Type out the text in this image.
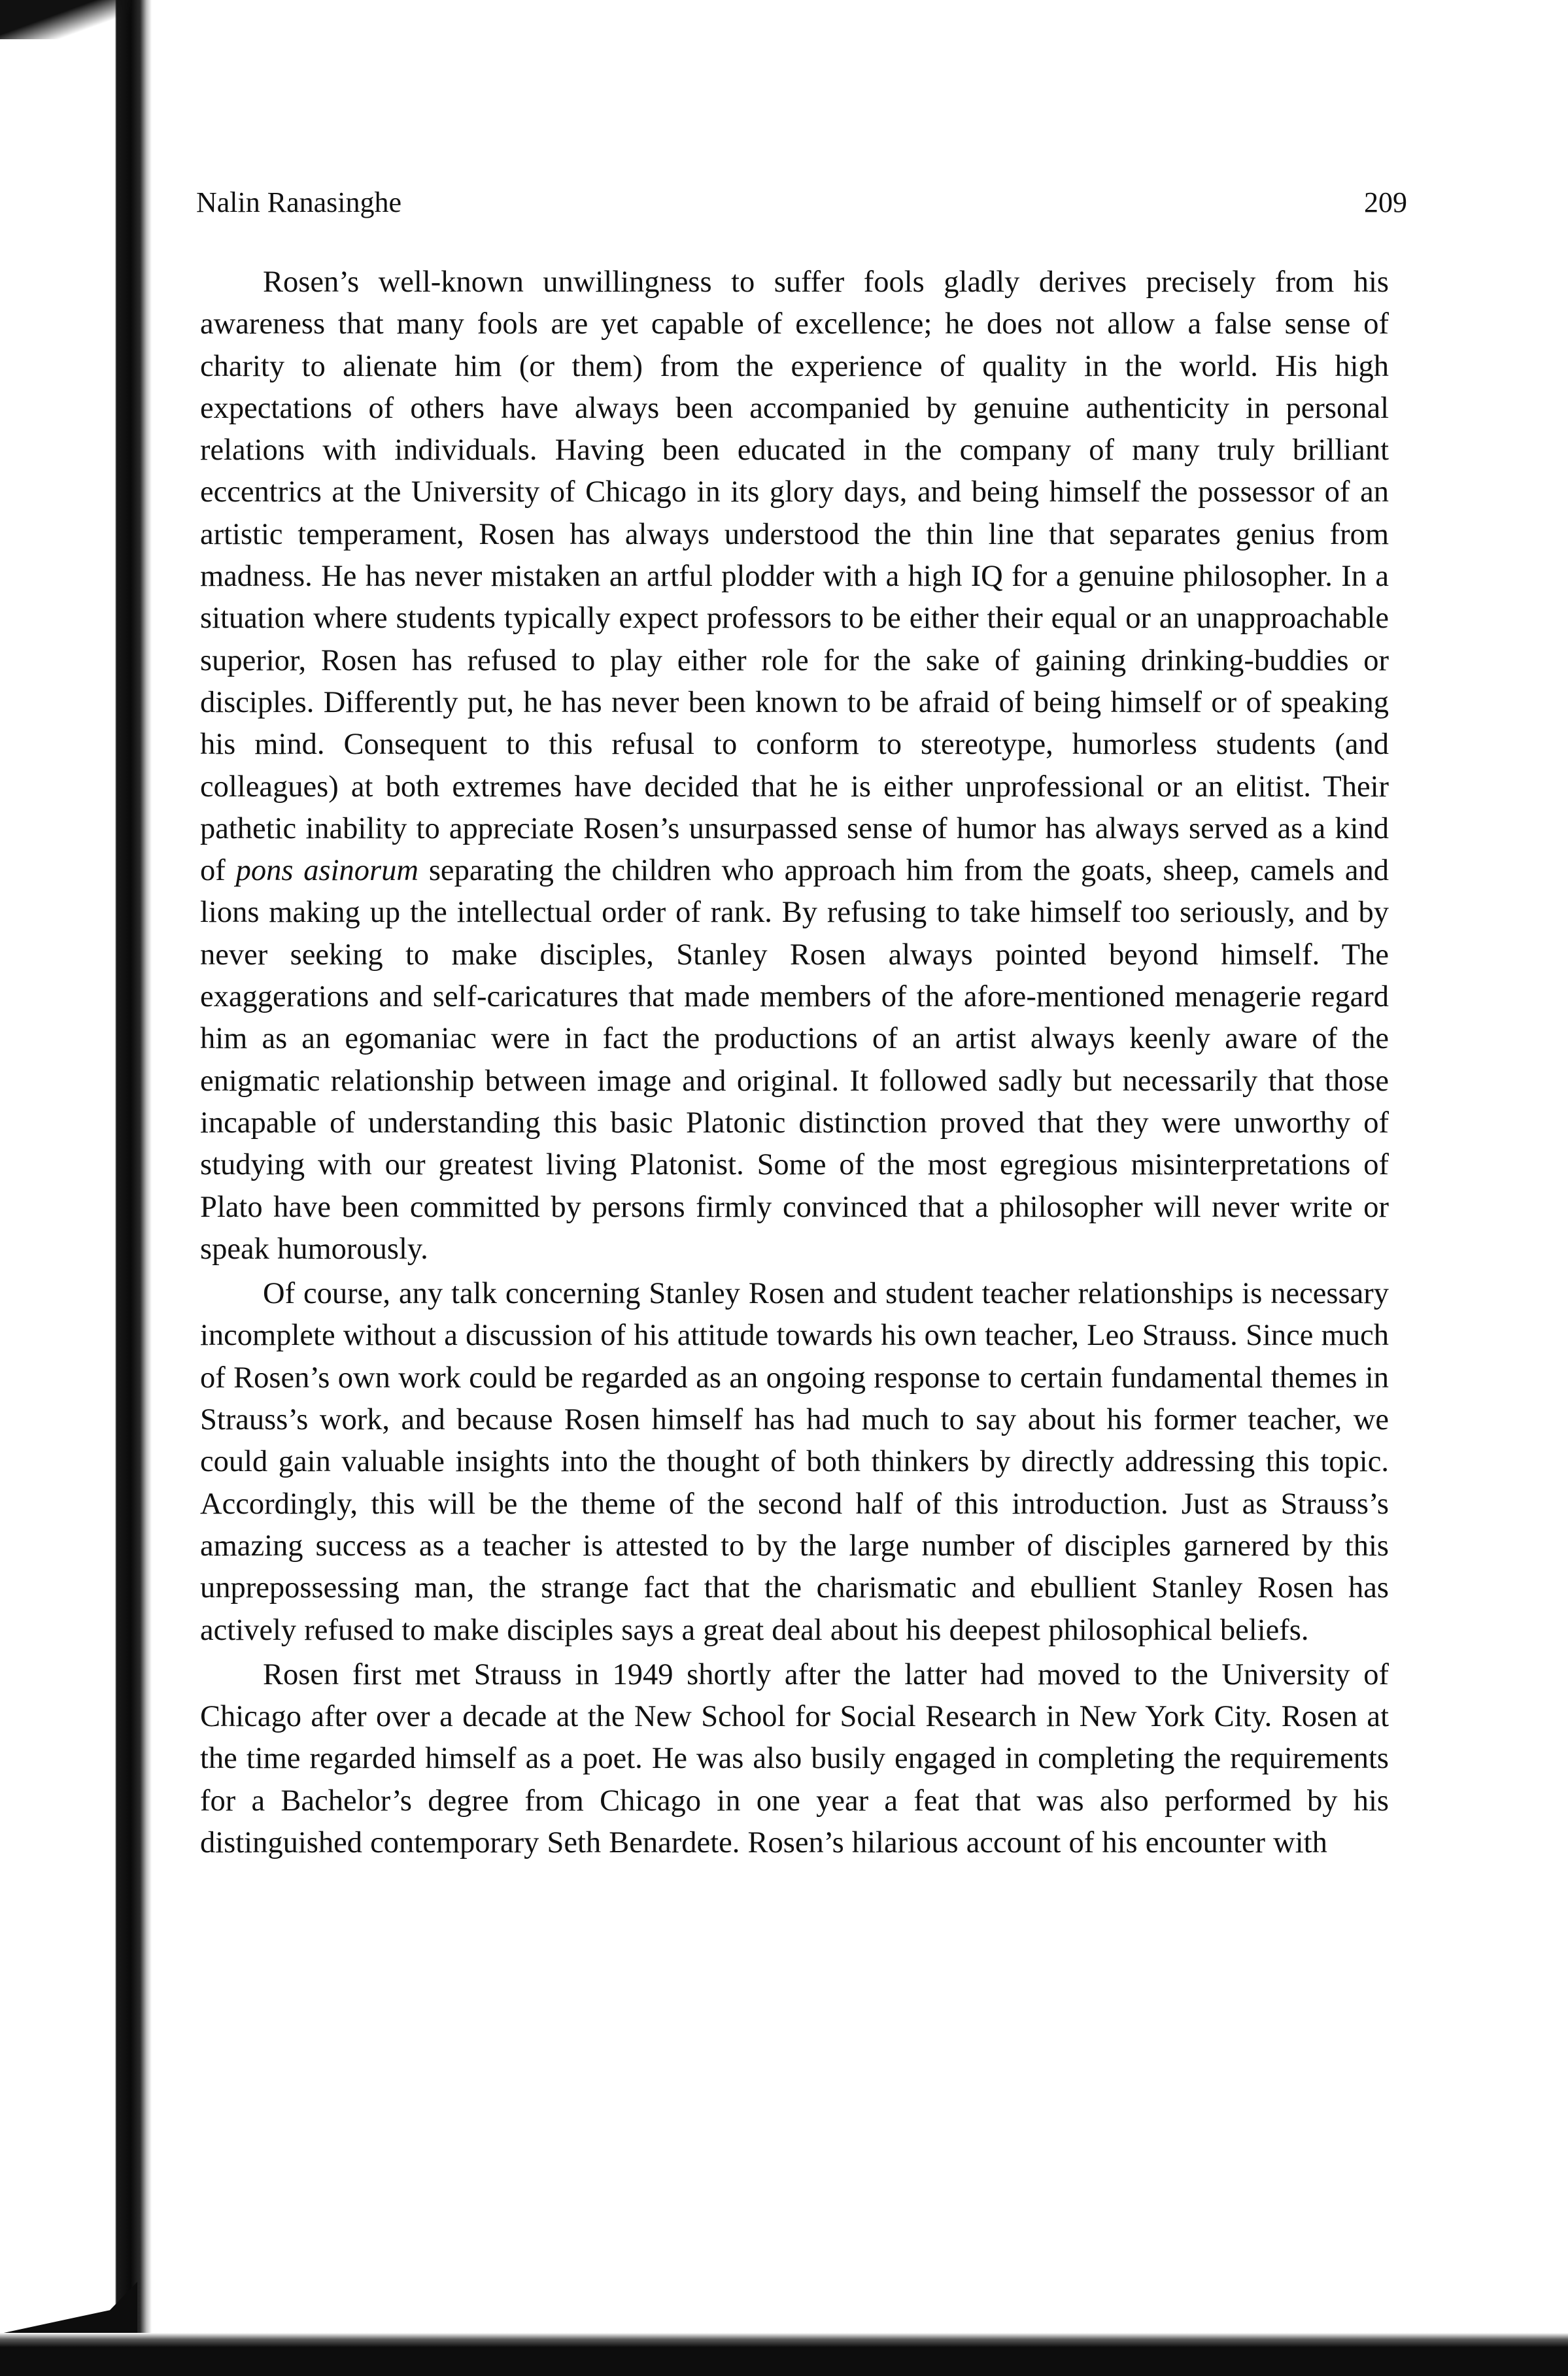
Nalin Ranasinghe	209

Rosen’s well-known unwillingness to suffer fools gladly derives precisely from his awareness that many fools are yet capable of excellence; he does not allow a false sense of charity to alienate him (or them) from the experience of quality in the world. His high expectations of others have always been accompanied by genuine authenticity in personal relations with individuals. Having been educated in the company of many truly brilliant eccentrics at the University of Chicago in its glory days, and being himself the possessor of an artistic temperament, Rosen has always understood the thin line that separates genius from madness. He has never mistaken an artful plodder with a high IQ for a genuine philosopher. In a situation where students typically expect professors to be either their equal or an unapproachable superior, Rosen has refused to play either role for the sake of gaining drinking-buddies or disciples. Differently put, he has never been known to be afraid of being himself or of speaking his mind. Consequent to this refusal to conform to stereotype, humorless students (and colleagues) at both extremes have decided that he is either unprofessional or an elitist. Their pathetic inability to appreciate Rosen’s unsurpassed sense of humor has always served as a kind of pons asinorum separating the children who approach him from the goats, sheep, camels and lions making up the intellectual order of rank. By refusing to take himself too seriously, and by never seeking to make disciples, Stanley Rosen always pointed beyond himself. The exaggerations and self-caricatures that made members of the afore-mentioned menagerie regard him as an egomaniac were in fact the productions of an artist always keenly aware of the enigmatic relationship between image and original. It followed sadly but necessarily that those incapable of understanding this basic Platonic distinction proved that they were unworthy of studying with our greatest living Platonist. Some of the most egregious misinterpretations of Plato have been committed by persons firmly convinced that a philosopher will never write or speak humorously.

Of course, any talk concerning Stanley Rosen and student teacher relationships is necessary incomplete without a discussion of his attitude towards his own teacher, Leo Strauss. Since much of Rosen’s own work could be regarded as an ongoing response to certain fundamental themes in Strauss’s work, and because Rosen himself has had much to say about his former teacher, we could gain valuable insights into the thought of both thinkers by directly addressing this topic. Accordingly, this will be the theme of the second half of this introduction. Just as Strauss’s amazing success as a teacher is attested to by the large number of disciples garnered by this unprepossessing man, the strange fact that the charismatic and ebullient Stanley Rosen has actively refused to make disciples says a great deal about his deepest philosophical beliefs.

Rosen first met Strauss in 1949 shortly after the latter had moved to the University of Chicago after over a decade at the New School for Social Research in New York City. Rosen at the time regarded himself as a poet. He was also busily engaged in completing the requirements for a Bachelor’s degree from Chicago in one year a feat that was also performed by his distinguished contemporary Seth Benardete. Rosen’s hilarious account of his encounter with
